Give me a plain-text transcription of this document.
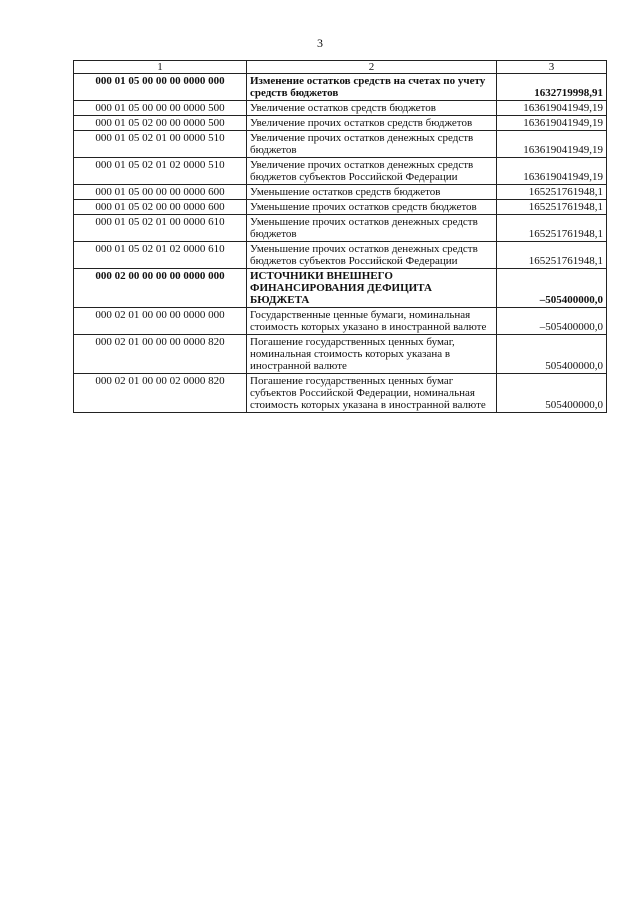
3
1	2	3
000 01 05 00 00 00 0000 000	Изменение остатков средств на счетах по учету средств бюджетов	1632719998,91
000 01 05 00 00 00 0000 500	Увеличение остатков средств бюджетов	163619041949,19
000 01 05 02 00 00 0000 500	Увеличение прочих остатков средств бюджетов	163619041949,19
000 01 05 02 01 00 0000 510	Увеличение прочих остатков денежных средств бюджетов	163619041949,19
000 01 05 02 01 02 0000 510	Увеличение прочих остатков денежных средств бюджетов субъектов Российской Федерации	163619041949,19
000 01 05 00 00 00 0000 600	Уменьшение остатков средств бюджетов	165251761948,1
000 01 05 02 00 00 0000 600	Уменьшение прочих остатков средств бюджетов	165251761948,1
000 01 05 02 01 00 0000 610	Уменьшение прочих остатков денежных средств бюджетов	165251761948,1
000 01 05 02 01 02 0000 610	Уменьшение прочих остатков денежных средств бюджетов субъектов Российской Федерации	165251761948,1
000 02 00 00 00 00 0000 000	ИСТОЧНИКИ ВНЕШНЕГО ФИНАНСИРОВАНИЯ ДЕФИЦИТА БЮДЖЕТА	–505400000,0
000 02 01 00 00 00 0000 000	Государственные ценные бумаги, номинальная стоимость которых указано в иностранной валюте	–505400000,0
000 02 01 00 00 00 0000 820	Погашение государственных ценных бумаг, номинальная стоимость которых указана в иностранной валюте	505400000,0
000 02 01 00 00 02 0000 820	Погашение государственных ценных бумаг субъектов Российской Федерации, номинальная стоимость которых указана в иностранной валюте	505400000,0
